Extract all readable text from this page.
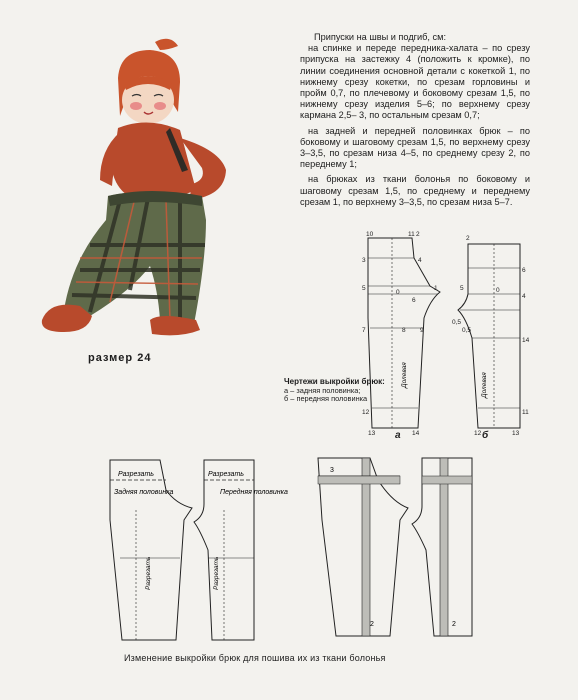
размер 24

Припуски на швы и подгиб, см:

на спинке и переде передника-халата – по срезу припуска на застежку 4 (положить к кромке), по линии соединения основной детали с кокеткой 1, по нижнему срезу кокетки, по срезам горловины и пройм 0,7, по плечевому и боковому срезам 1,5, по нижнему срезу изделия 5–6; по верхнему срезу кармана 2,5– 3, по остальным срезам 0,7;

на задней и передней половинках брюк – по боковому и шаговому срезам 1,5, по верхнему срезу 3–3,5, по срезам низа 4–5, по среднему срезу 2, по переднему 1;

на брюках из ткани болонья по боковому и шаговому срезам 1,5, по среднему и переднему срезам 1, по верхнему 3–3,5, по срезам низа 5–7.

10	11 2
3
5
0
1
7
12
8 9
6
4
13	14
Долевая
2
5	0
6
4
0,5
0,5
11
12	13
14
Долевая
а	б
Чертежи выкройки брюк:
а – задняя половинка;
б – передняя половинка
Разрезать
Задняя половинка
Разрезать
Разрезать
Передняя половинка
Разрезать
3
2	2
Изменение выкройки брюк для пошива их из ткани болонья
